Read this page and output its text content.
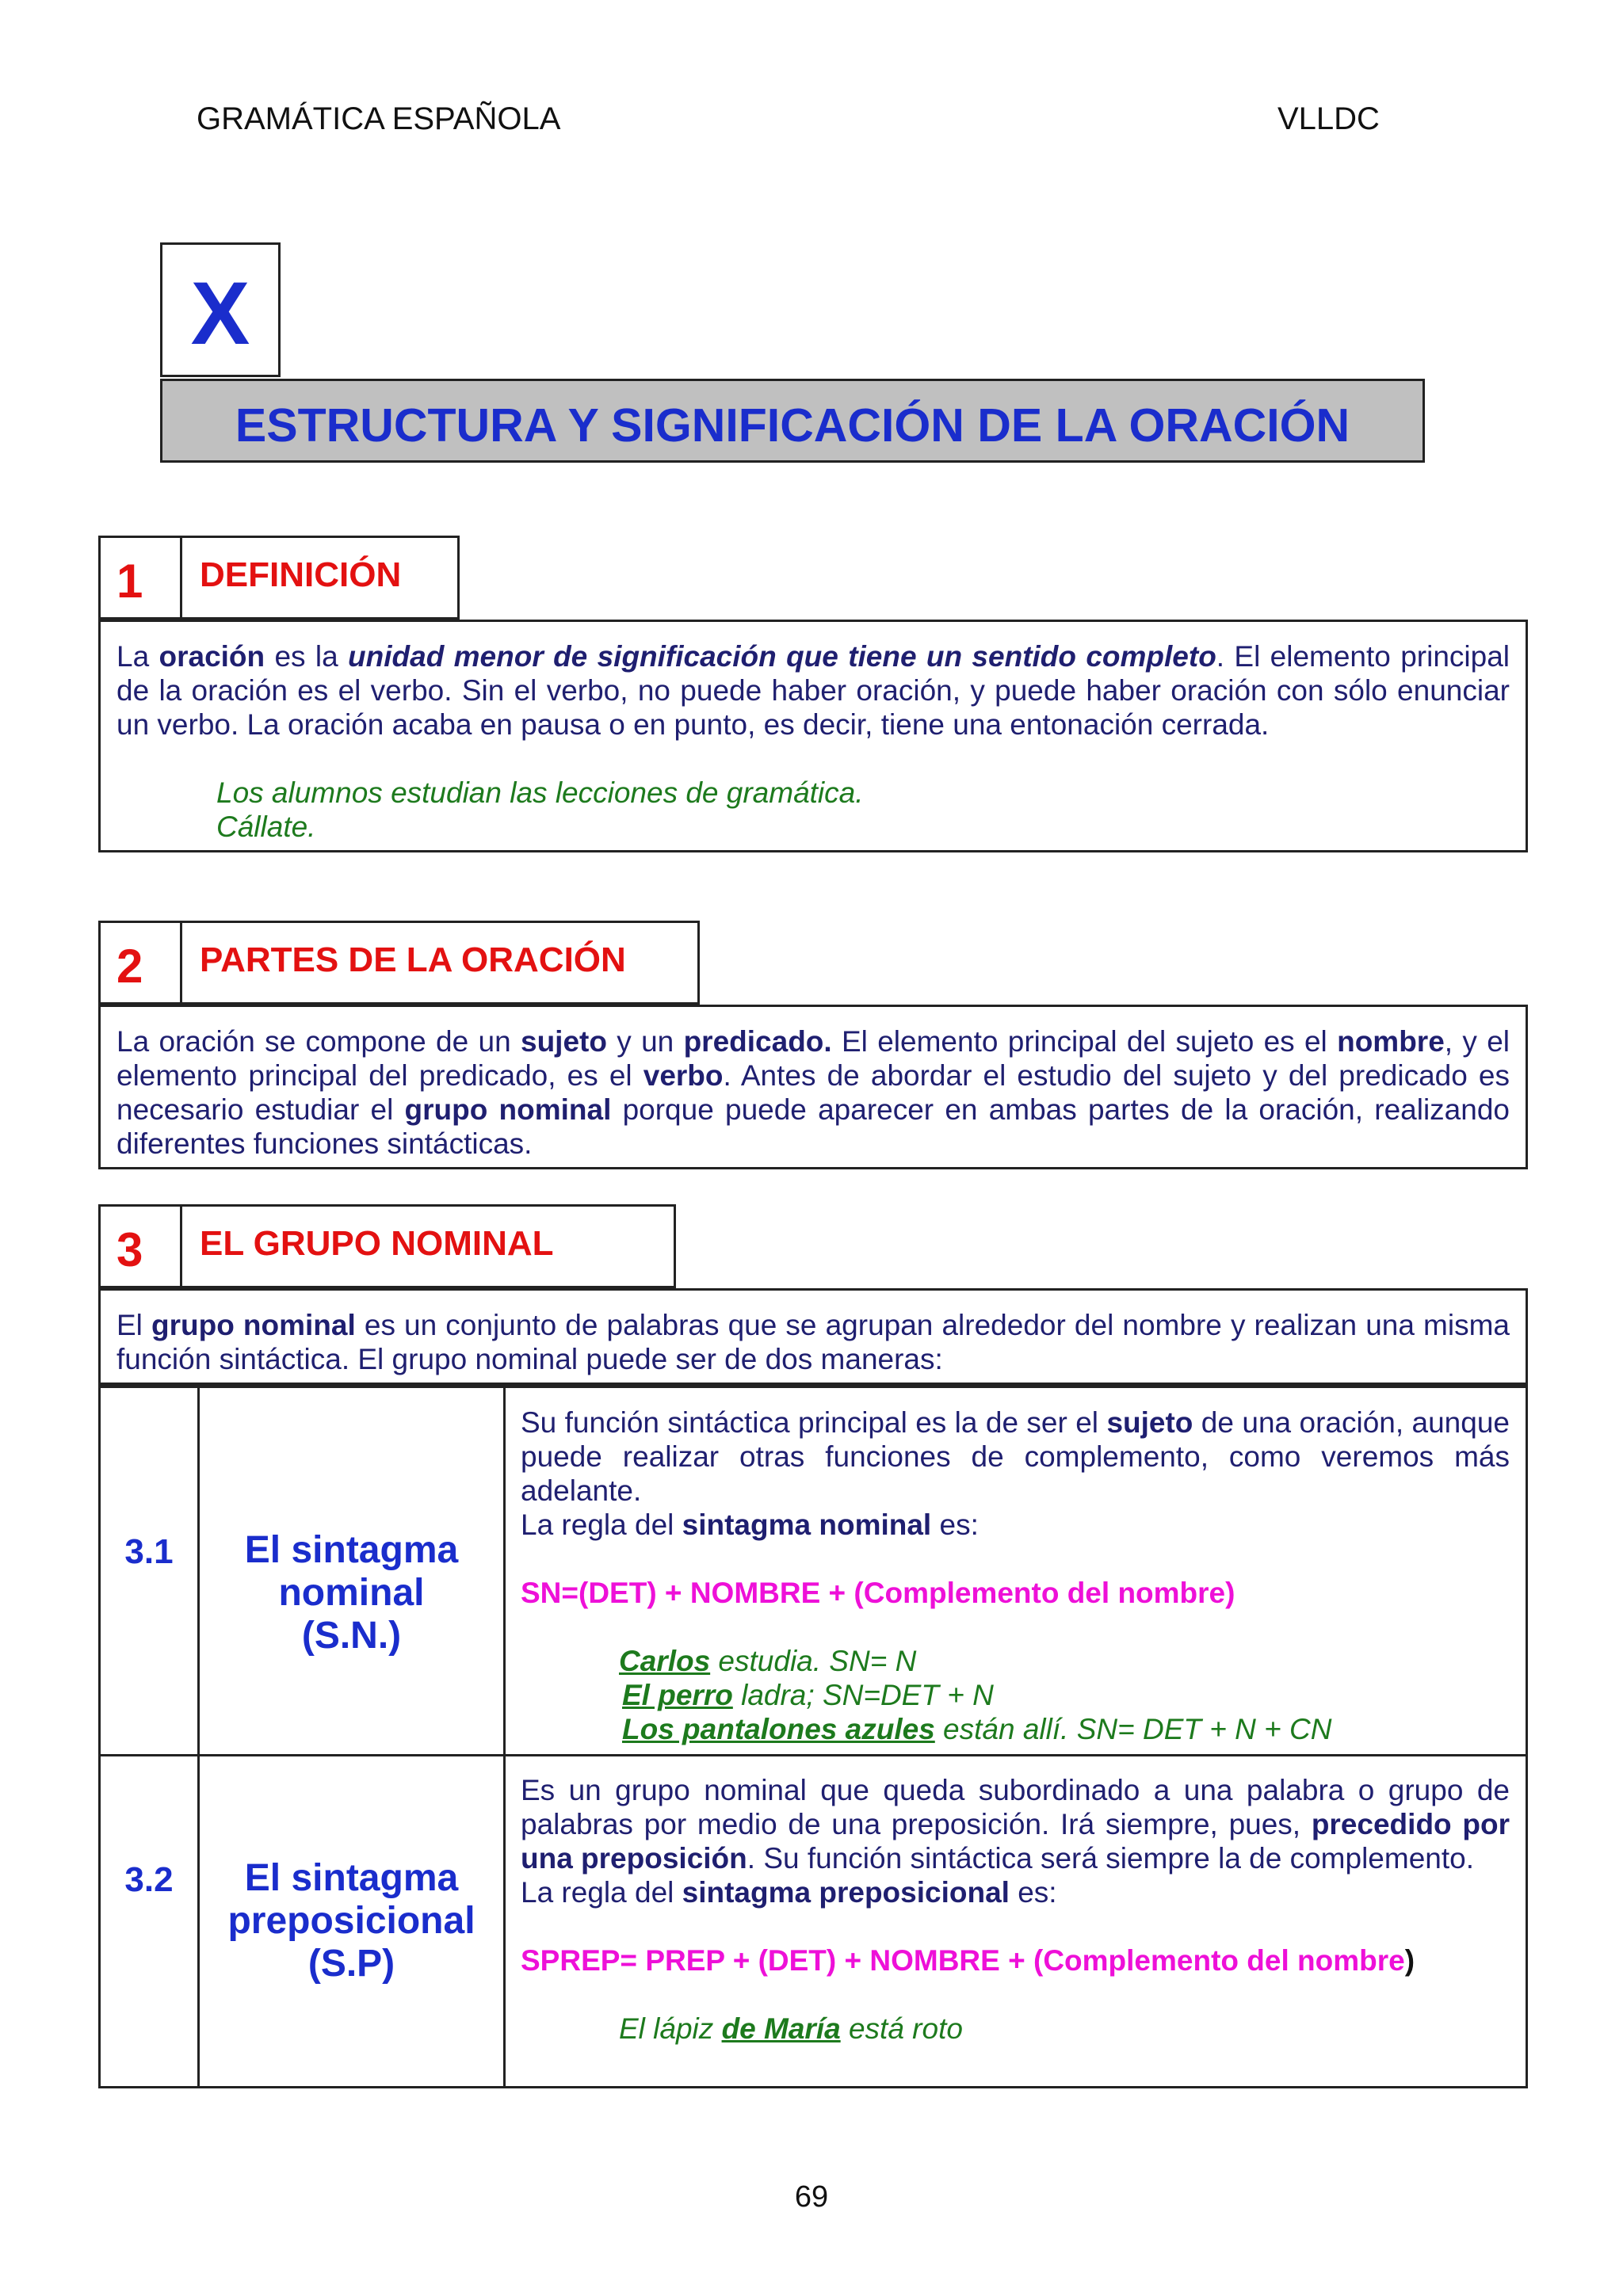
GRAMÁTICA ESPAÑOLA	VLLDC
X
ESTRUCTURA Y SIGNIFICACIÓN DE LA ORACIÓN
1 DEFINICIÓN
La oración es la unidad menor de significación que tiene un sentido completo. El elemento principal de la oración es el verbo. Sin el verbo, no puede haber oración, y puede haber oración con sólo enunciar un verbo. La oración acaba en pausa o en punto, es decir, tiene una entonación cerrada.
Los alumnos estudian las lecciones de gramática.
Cállate.
2 PARTES DE LA ORACIÓN
La oración se compone de un sujeto y un predicado. El elemento principal del sujeto es el nombre, y el elemento principal del predicado, es el verbo. Antes de abordar el estudio del sujeto y del predicado es necesario estudiar el grupo nominal porque puede aparecer en ambas partes de la oración, realizando diferentes funciones sintácticas.
3 EL GRUPO NOMINAL
El grupo nominal es un conjunto de palabras que se agrupan alrededor del nombre y realizan una misma función sintáctica. El grupo nominal puede ser de dos maneras:
3.1	El sintagma
nominal
(S.N.)
Su función sintáctica principal es la de ser el sujeto de una oración, aunque puede realizar otras funciones de complemento, como veremos más adelante.
La regla del sintagma nominal es:
SN=(DET) + NOMBRE + (Complemento del nombre)
Carlos estudia. SN= N
El perro ladra; SN=DET + N
Los pantalones azules están allí. SN= DET + N + CN
3.2	El sintagma
preposicional
(S.P)
Es un grupo nominal que queda subordinado a una palabra o grupo de palabras por medio de una preposición. Irá siempre, pues, precedido por una preposición. Su función sintáctica será siempre la de complemento.
La regla del sintagma preposicional es:
SPREP= PREP + (DET) + NOMBRE + (Complemento del nombre)
El lápiz de María está roto
69
